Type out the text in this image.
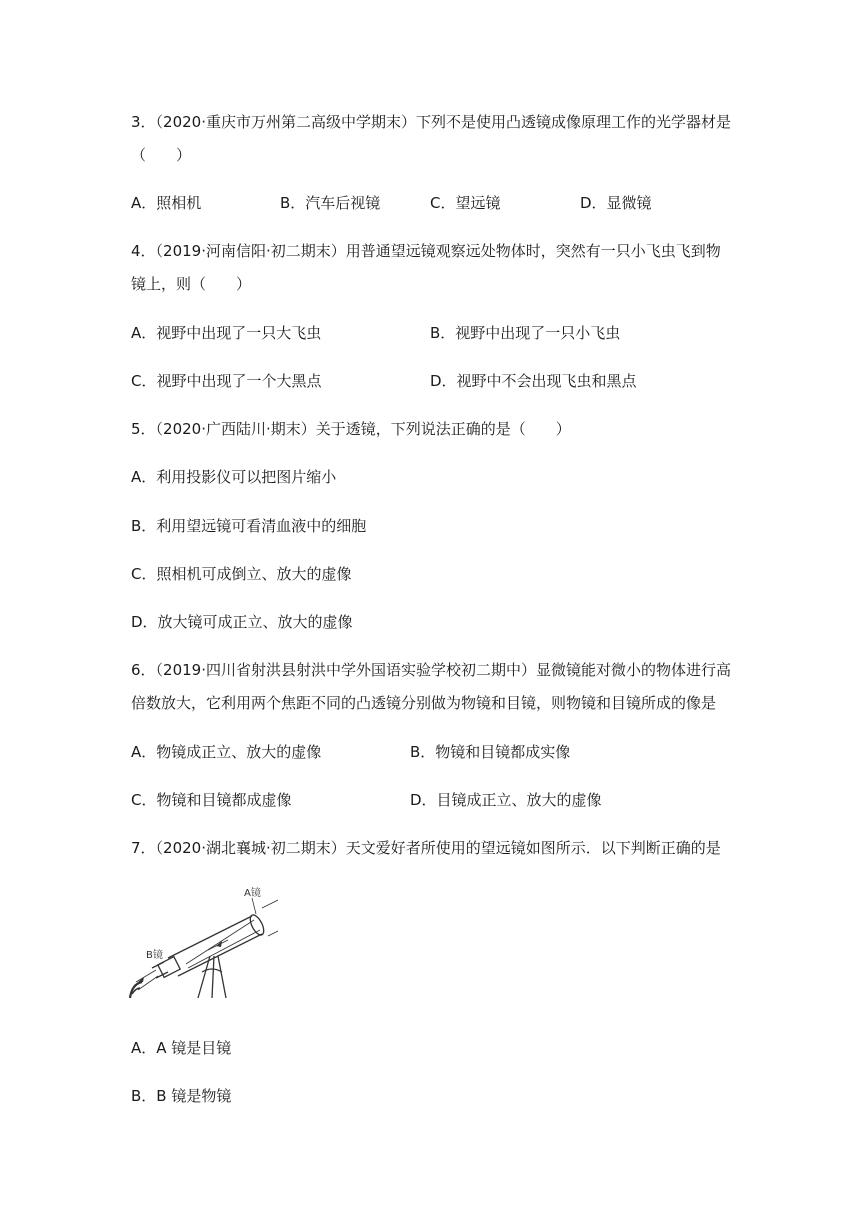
3．（2020·重庆市万州第二高级中学期末）下列不是使用凸透镜成像原理工作的光学器材是
（　　）
A．照相机	B．汽车后视镜	C．望远镜	D．显微镜
4．（2019·河南信阳·初二期末）用普通望远镜观察远处物体时，突然有一只小飞虫飞到物
镜上，则（　　）
A．视野中出现了一只大飞虫	B．视野中出现了一只小飞虫
C．视野中出现了一个大黑点	D．视野中不会出现飞虫和黑点
5．（2020·广西陆川·期末）关于透镜，下列说法正确的是（　　）
A．利用投影仪可以把图片缩小
B．利用望远镜可看清血液中的细胞
C．照相机可成倒立、放大的虚像
D．放大镜可成正立、放大的虚像
6．（2019·四川省射洪县射洪中学外国语实验学校初二期中）显微镜能对微小的物体进行高
倍数放大，它利用两个焦距不同的凸透镜分别做为物镜和目镜，则物镜和目镜所成的像是
A．物镜成正立、放大的虚像	B．物镜和目镜都成实像
C．物镜和目镜都成虚像	D．目镜成正立、放大的虚像
7．（2020·湖北襄城·初二期末）天文爱好者所使用的望远镜如图所示．以下判断正确的是
A镜
B镜
A．A 镜是目镜
B．B 镜是物镜
